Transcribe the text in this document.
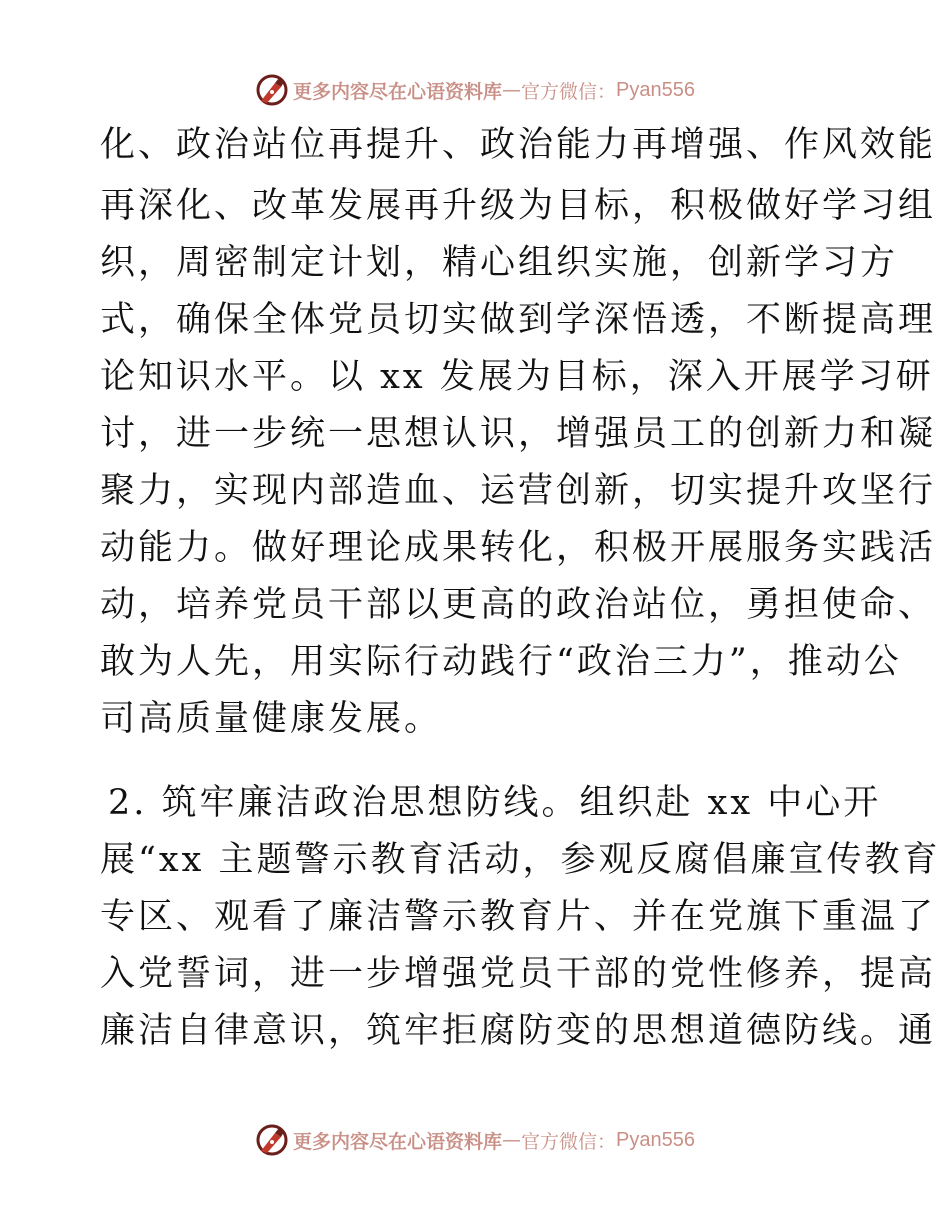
更多内容尽在心语资料库 — 官方微信： Pyan556
化、政治站位再提升、政治能力再增强、作风效能
再深化、改革发展再升级为目标，积极做好学习组
织，周密制定计划，精心组织实施，创新学习方
式，确保全体党员切实做到学深悟透，不断提高理
论知识水平。以 xx 发展为目标，深入开展学习研
讨，进一步统一思想认识，增强员工的创新力和凝
聚力，实现内部造血、运营创新，切实提升攻坚行
动能力。做好理论成果转化，积极开展服务实践活
动，培养党员干部以更高的政治站位，勇担使命、
敢为人先，用实际行动践行“政治三力”，推动公
司高质量健康发展。
2. 筑牢廉洁政治思想防线。组织赴 xx 中心开
展“xx 主题警示教育活动，参观反腐倡廉宣传教育
专区、观看了廉洁警示教育片、并在党旗下重温了
入党誓词，进一步增强党员干部的党性修养，提高
廉洁自律意识，筑牢拒腐防变的思想道德防线。通
更多内容尽在心语资料库 — 官方微信： Pyan556
